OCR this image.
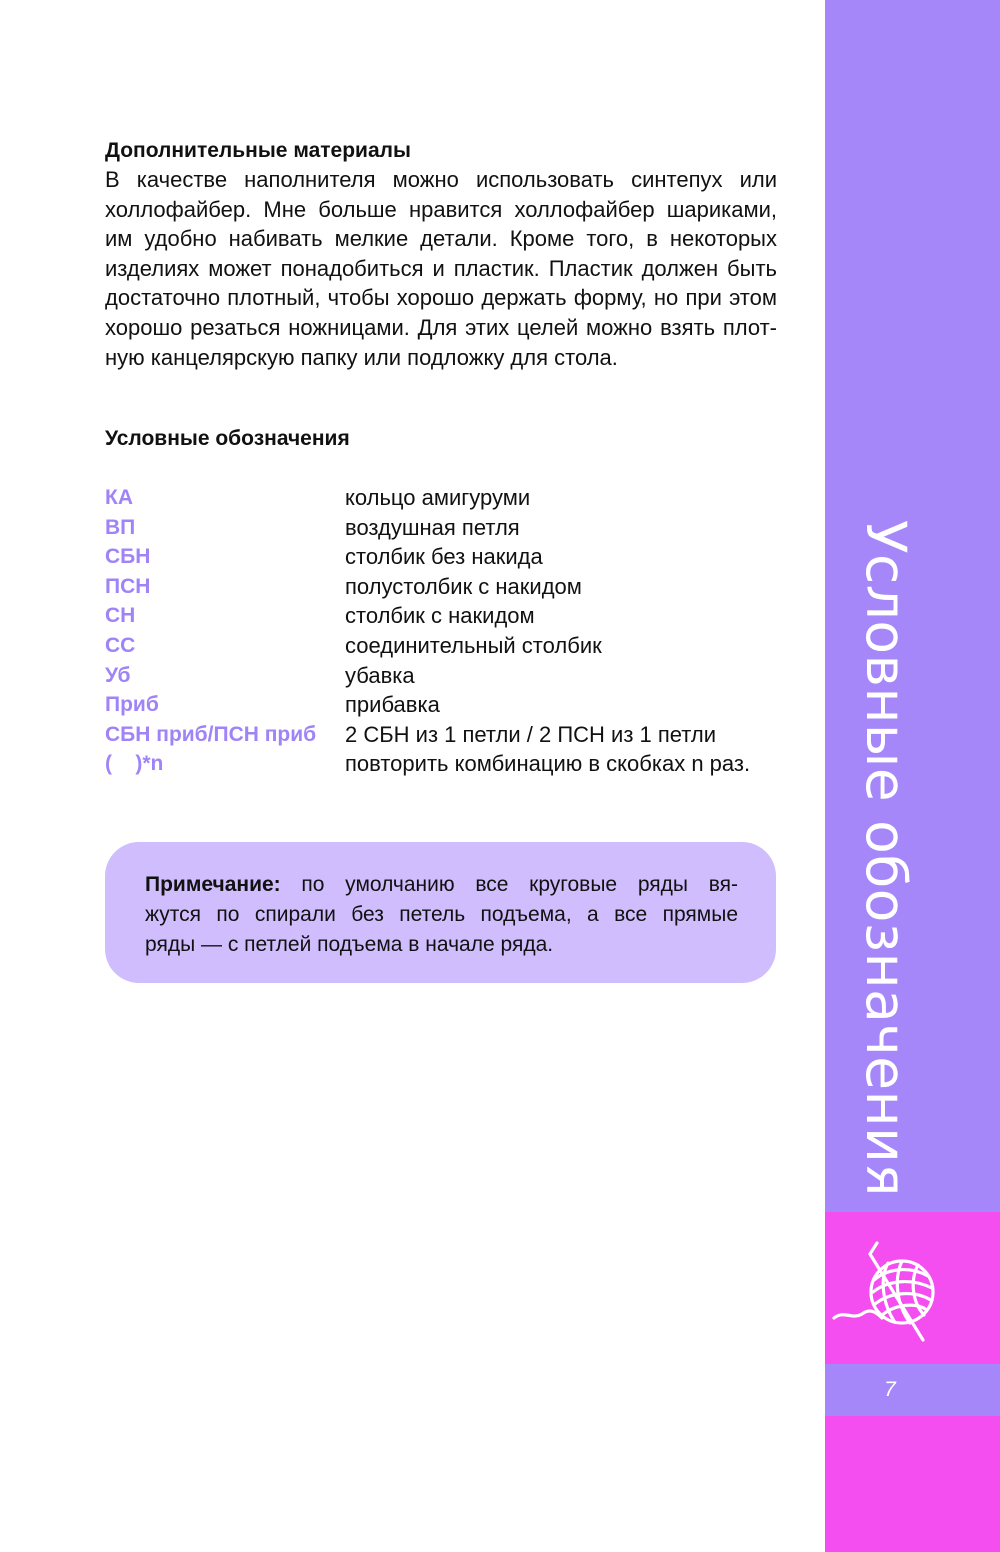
Дополнительные материалы
В качестве наполнителя можно использовать синтепух или
холлофайбер. Мне больше нравится холлофайбер шариками,
им удобно набивать мелкие детали. Кроме того, в некоторых
изделиях может понадобиться и пластик. Пластик должен быть
достаточно плотный, чтобы хорошо держать форму, но при этом
хорошо резаться ножницами. Для этих целей можно взять плот-
ную канцелярскую папку или подложку для стола.
Условные обозначения
КА	кольцо амигуруми
ВП	воздушная петля
СБН	столбик без накида
ПСН	полустолбик с накидом
СН	столбик с накидом
СС	соединительный столбик
Уб	убавка
Приб	прибавка
СБН приб/ПСН приб 2 СБН из 1 петли / 2 ПСН из 1 петли
(    )*n	повторить комбинацию в скобках n раз.
Примечание: по умолчанию все круговые ряды вя-
жутся по спирали без петель подъема, а все прямые
ряды — с петлей подъема в начале ряда.	Условные обозначения
7
